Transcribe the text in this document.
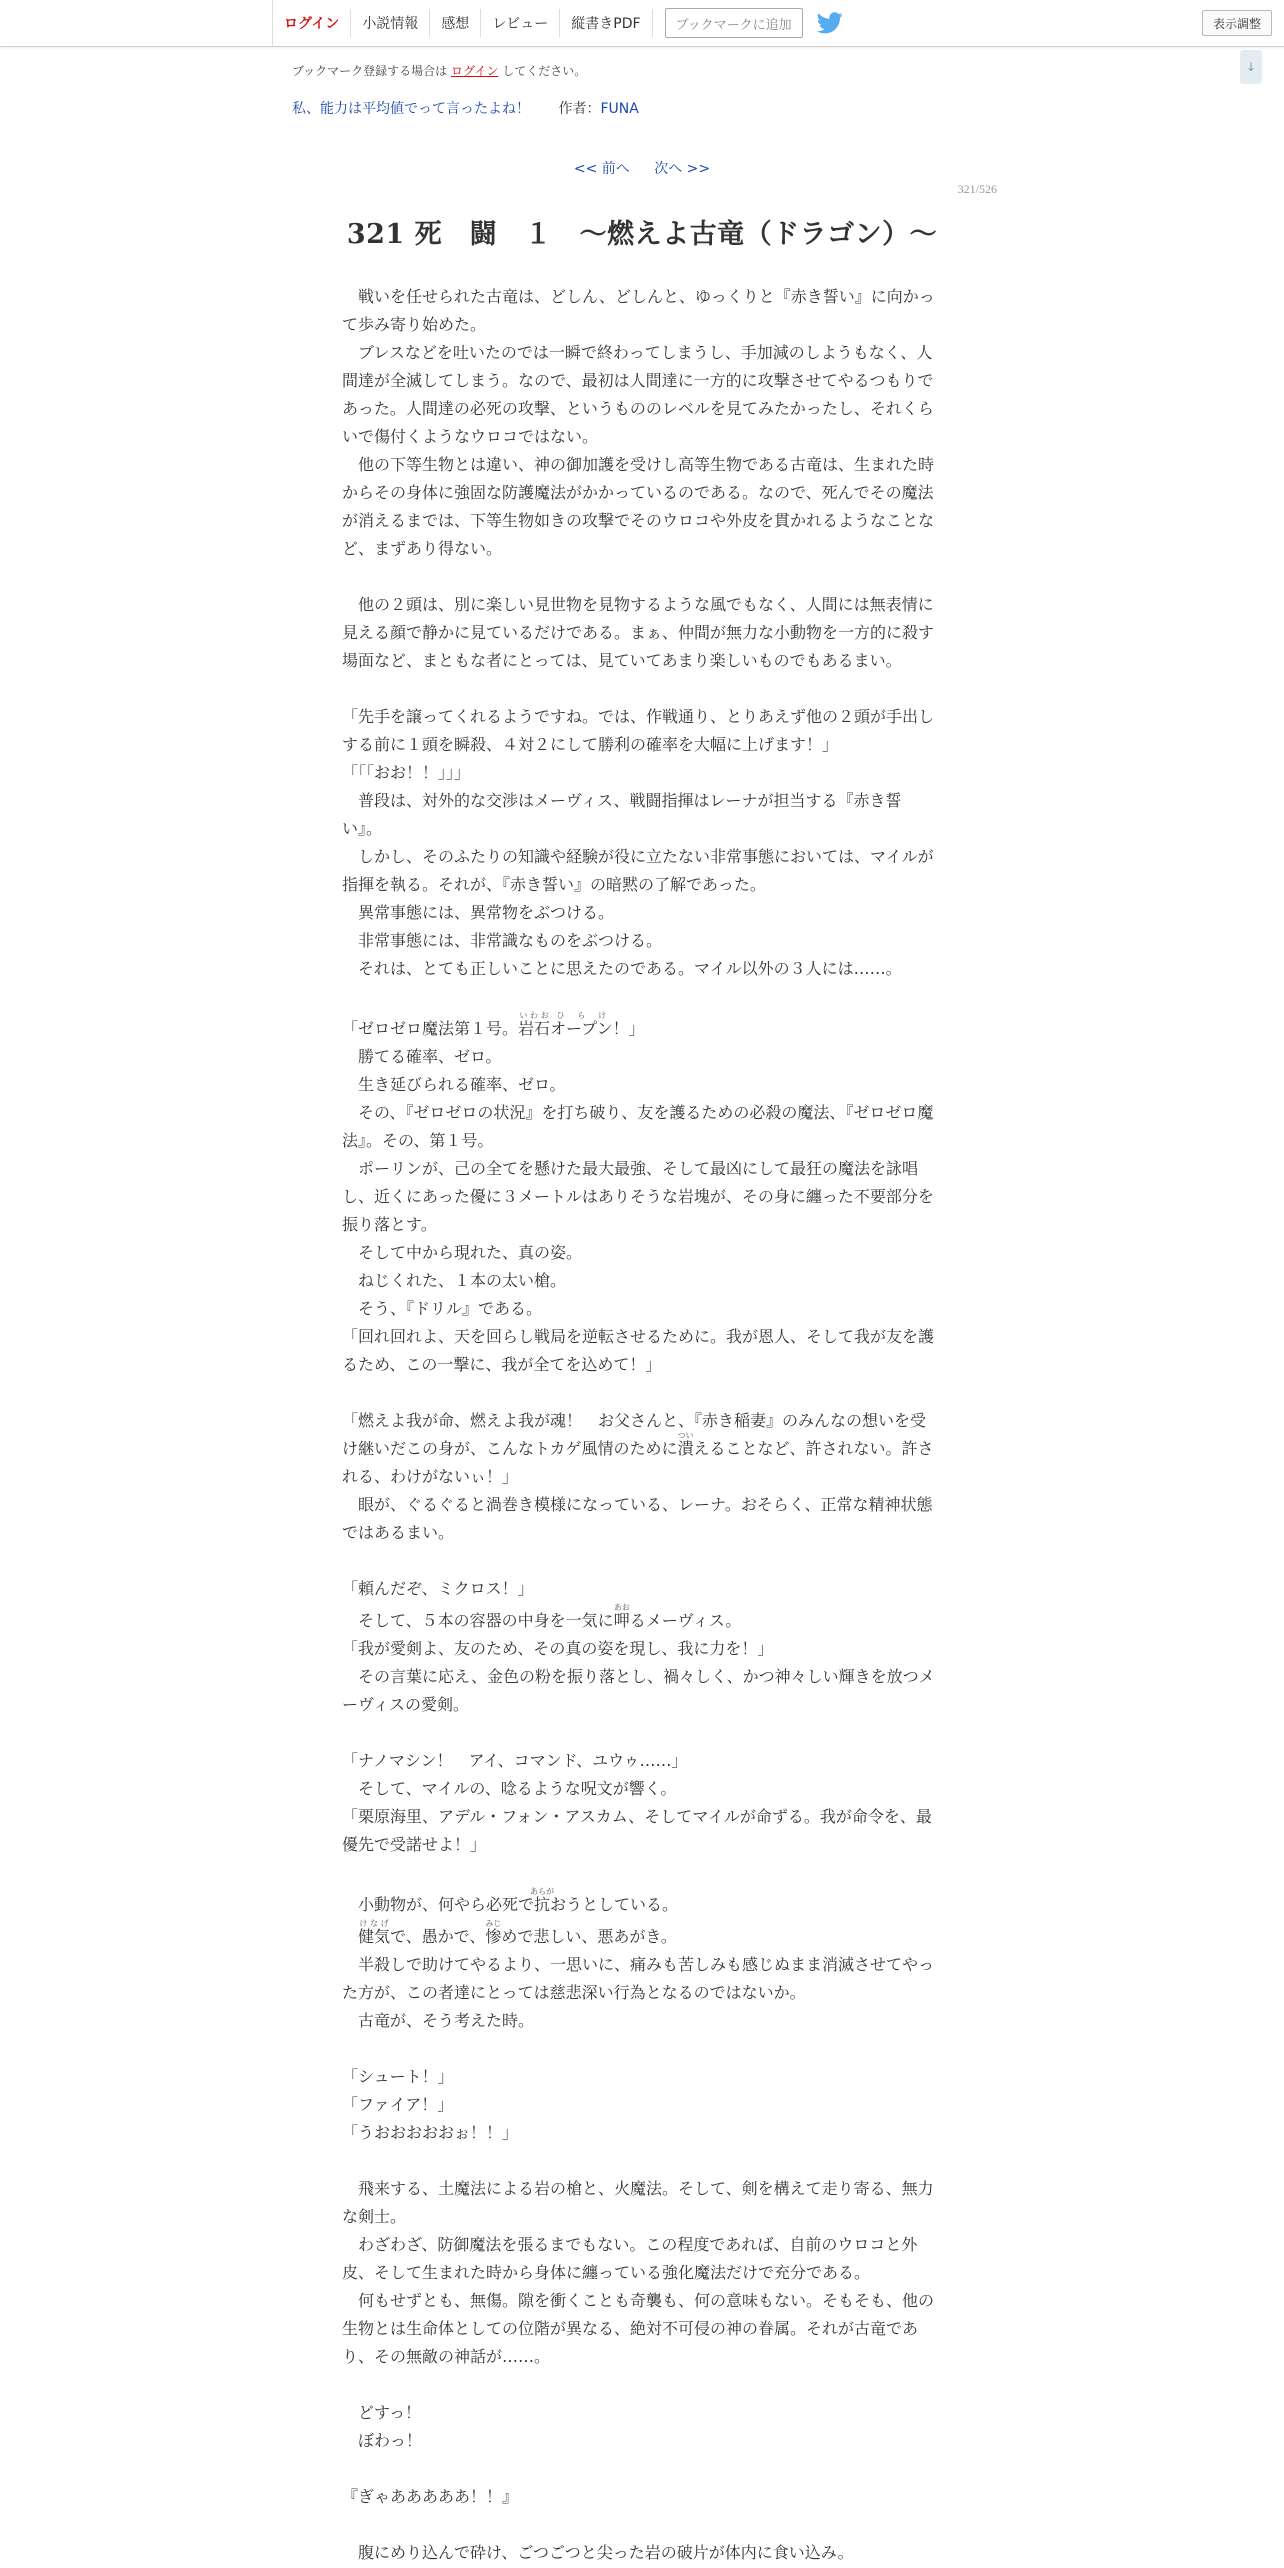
ログイン	小説情報	感想	レビュー	縦書きPDF	ブックマークに追加	表示調整
↓
ブックマーク登録する場合は ログイン してください。
私、能力は平均値でって言ったよね！ 作者：FUNA
<< 前へ 次へ >>
321/526
321 死　闘　１　～燃えよ古竜（ドラゴン）～

　戦いを任せられた古竜は、どしん、どしんと、ゆっくりと『赤き誓い』に向かって歩み寄り始めた。

　ブレスなどを吐いたのでは一瞬で終わってしまうし、手加減のしようもなく、人間達が全滅してしまう。なので、最初は人間達に一方的に攻撃させてやるつもりであった。人間達の必死の攻撃、というもののレベルを見てみたかったし、それくらいで傷付くようなウロコではない。

　他の下等生物とは違い、神の御加護を受けし高等生物である古竜は、生まれた時からその身体に強固な防護魔法がかかっているのである。なので、死んでその魔法が消えるまでは、下等生物如きの攻撃でそのウロコや外皮を貫かれるようなことなど、まずあり得ない。

　他の２頭は、別に楽しい見世物を見物するような風でもなく、人間には無表情に見える顔で静かに見ているだけである。まぁ、仲間が無力な小動物を一方的に殺す場面など、まともな者にとっては、見ていてあまり楽しいものでもあるまい。

「先手を譲ってくれるようですね。では、作戦通り、とりあえず他の２頭が手出しする前に１頭を瞬殺、４対２にして勝利の確率を大幅に上げます！」

「「「おお！！」」」

　普段は、対外的な交渉はメーヴィス、戦闘指揮はレーナが担当する『赤き誓い』。

　しかし、そのふたりの知識や経験が役に立たない非常事態においては、マイルが指揮を執る。それが、『赤き誓い』の暗黙の了解であった。

　異常事態には、異常物をぶつける。

　非常事態には、非常識なものをぶつける。

　それは、とても正しいことに思えたのである。マイル以外の３人には……。

「ゼロゼロ魔法第１号。岩石いわおオープンひらけ！」

　勝てる確率、ゼロ。

　生き延びられる確率、ゼロ。

　その、『ゼロゼロの状況』を打ち破り、友を護るための必殺の魔法、『ゼロゼロ魔法』。その、第１号。

　ポーリンが、己の全てを懸けた最大最強、そして最凶にして最狂の魔法を詠唱し、近くにあった優に３メートルはありそうな岩塊が、その身に纏った不要部分を振り落とす。

　そして中から現れた、真の姿。

　ねじくれた、１本の太い槍。

　そう、『ドリル』である。

「回れ回れよ、天を回らし戦局を逆転させるために。我が恩人、そして我が友を護るため、この一撃に、我が全てを込めて！」

「燃えよ我が命、燃えよ我が魂！　お父さんと、『赤き稲妻』のみんなの想いを受け継いだこの身が、こんなトカゲ風情のために潰ついえることなど、許されない。許される、わけがないぃ！」

　眼が、ぐるぐると渦巻き模様になっている、レーナ。おそらく、正常な精神状態ではあるまい。

「頼んだぞ、ミクロス！」

　そして、５本の容器の中身を一気に呷あおるメーヴィス。

「我が愛剣よ、友のため、その真の姿を現し、我に力を！」

　その言葉に応え、金色の粉を振り落とし、禍々しく、かつ神々しい輝きを放つメーヴィスの愛剣。

「ナノマシン！　アイ、コマンド、ユウゥ……」

　そして、マイルの、唸るような呪文が響く。

「栗原海里、アデル・フォン・アスカム、そしてマイルが命ずる。我が命令を、最優先で受諾せよ！」

　小動物が、何やら必死で抗あらがおうとしている。

　健気けなげで、愚かで、惨みじめで悲しい、悪あがき。

　半殺しで助けてやるより、一思いに、痛みも苦しみも感じぬまま消滅させてやった方が、この者達にとっては慈悲深い行為となるのではないか。

　古竜が、そう考えた時。

「シュート！」

「ファイア！」

「うおおおおおぉ！！」

　飛来する、土魔法による岩の槍と、火魔法。そして、剣を構えて走り寄る、無力な剣士。

　わざわざ、防御魔法を張るまでもない。この程度であれば、自前のウロコと外皮、そして生まれた時から身体に纏っている強化魔法だけで充分である。

　何もせずとも、無傷。隙を衝くことも奇襲も、何の意味もない。そもそも、他の生物とは生命体としての位階が異なる、絶対不可侵の神の眷属。それが古竜であり、その無敵の神話が……。

　どすっ！

　ぼわっ！

『ぎゃあああああ！！』

　腹にめり込んで砕け、ごつごつと尖った岩の破片が体内に食い込み。
